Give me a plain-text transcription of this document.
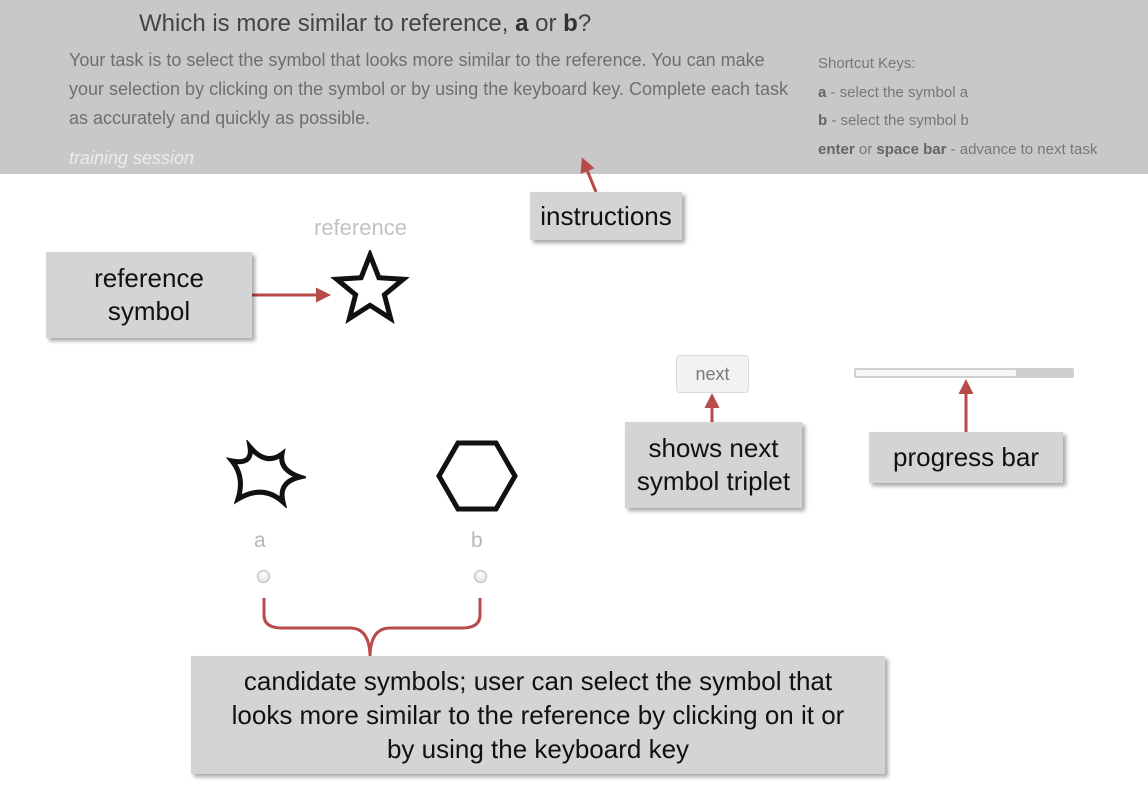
Which is more similar to reference, a or b?
Your task is to select the symbol that looks more similar to the reference. You can make your selection by clicking on the symbol or by using the keyboard key. Complete each task as accurately and quickly as possible.
training session
Shortcut Keys:
a - select the symbol a
b - select the symbol b
enter or space bar - advance to next task
reference
a	b
next
instructions
reference
symbol
shows next
symbol triplet
progress bar
candidate symbols; user can select the symbol that
looks more similar to the reference by clicking on it or
by using the keyboard key
